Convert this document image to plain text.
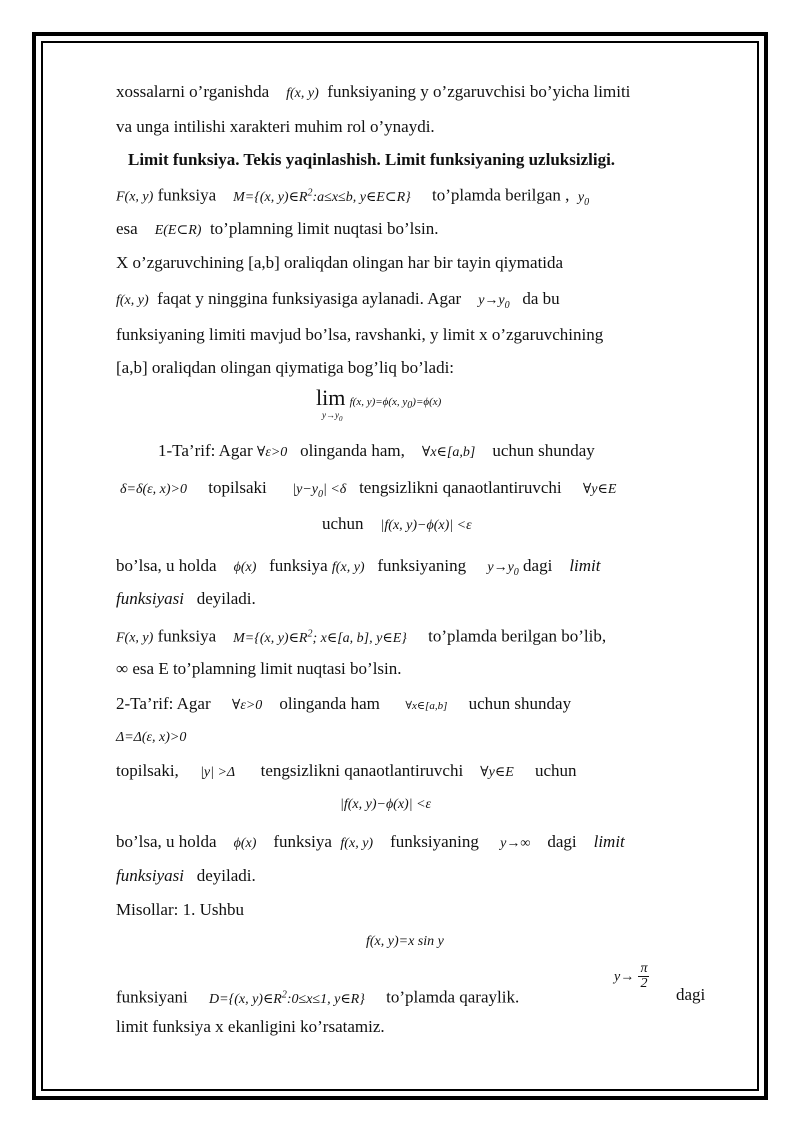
xossalarni o’rganishda f(x, y) funksiyaning y o’zgaruvchisi bo’yicha limiti
va unga intilishi xarakteri muhim rol o’ynaydi.
Limit funksiya. Tekis yaqinlashish. Limit funksiyaning uzluksizligi.
F(x, y) funksiya M={(x, $y)\in R^2:a\le x\le b$, y∈E⊂R} to’plamda berilgan , $y_0$
esa E(E⊂R) to’plamning limit nuqtasi bo’lsin.
X o’zgaruvchining [a,b] oraliqdan olingan har bir tayin qiymatida
f(x, y) faqat y ninggina funksiyasiga aylanadi. Agar $y\to y_0$ da bu
funksiyaning limiti mavjud bo’lsa, ravshanki, y limit x o’zgaruvchining
[a,b] oraliqdan olingan qiymatiga bog’liq bo’ladi:
lim f(x, y)=ϕ(x, $y_0)=\phi(x)$
$y\to y_0$
1-Ta’rif: Agar ∀ε>0 olinganda ham, ∀x∈[a,b] uchun shunday
δ=δ(ε, x)>0 topilsaki $|y-y_0| <\delta$ tengsizlikni qanaotlantiruvchi ∀y∈E
uchun |f(x, y)−ϕ(x)| <ε
bo’lsa, u holda ϕ(x) funksiya f(x, y) funksiyaning $y\to y_0$ dagi limit
funksiyasi deyiladi.
F(x, y) funksiya M={(x, $y)\in R^2$; x∈[a, b], y∈E} to’plamda berilgan bo’lib,
∞ esa E to’plamning limit nuqtasi bo’lsin.
2-Ta’rif: Agar ∀ε>0 olinganda ham ∀x∈[a,b] uchun shunday
Δ=Δ(ε, x)>0
topilsaki, |y| >Δ tengsizlikni qanaotlantiruvchi ∀y∈E uchun
|f(x, y)−ϕ(x)| <ε
bo’lsa, u holda ϕ(x) funksiya f(x, y) funksiyaning y→∞ dagi limit
funksiyasi deyiladi.
Misollar: 1. Ushbu
f(x, y)=x sin y
funksiyani D={(x, $y)\in R^2:0\le x\le 1$, y∈R} to’plamda qaraylik.
$y\to \frac{\pi}{2}$
dagi
limit funksiya x ekanligini ko’rsatamiz.
